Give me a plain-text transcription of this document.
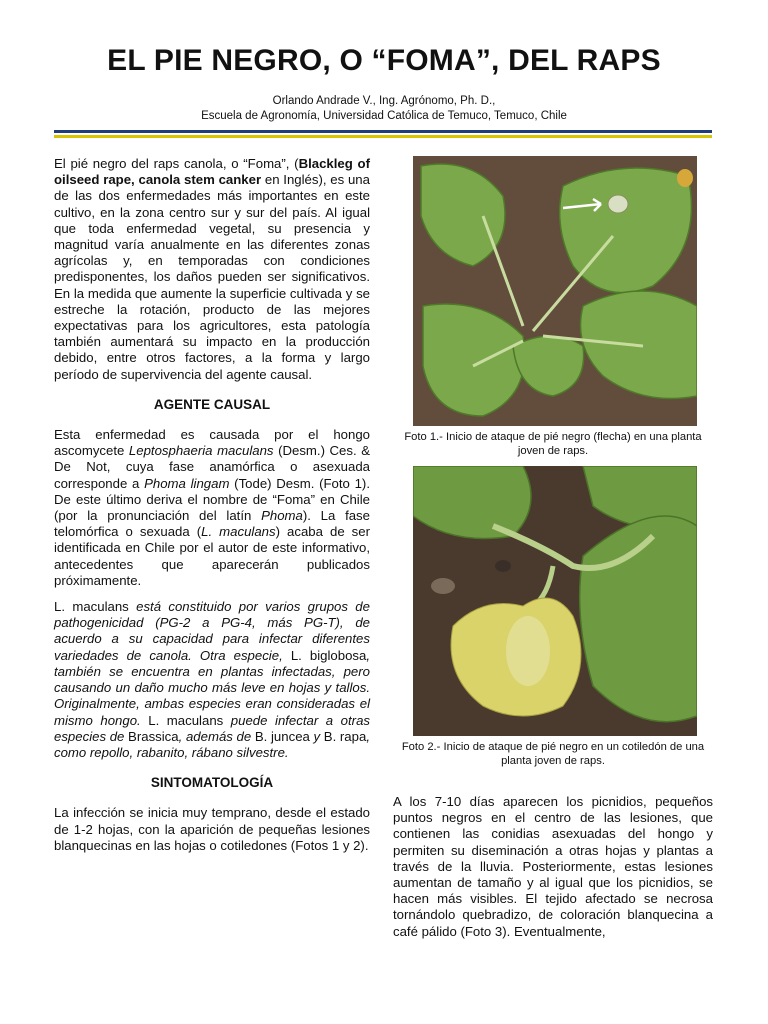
EL PIE NEGRO, O “FOMA”, DEL RAPS
Orlando Andrade V., Ing. Agrónomo, Ph. D.,
Escuela de Agronomía, Universidad Católica de Temuco, Temuco, Chile

El pié negro del raps canola, o “Foma”, (Blackleg of oilseed rape, canola stem canker en Inglés), es una de las dos enfermedades más importantes en este cultivo, en la zona centro sur y sur del país. Al igual que toda enfermedad vegetal, su presencia y magnitud varía anualmente en las diferentes zonas agrícolas y, en temporadas con condiciones predisponentes, los daños pueden ser significativos. En la medida que aumente la superficie cultivada y se estreche la rotación, producto de las mejores expectativas para los agricultores, esta patología también aumentará su impacto en la producción debido, entre otros factores, a la forma y largo período de supervivencia del agente causal.

AGENTE CAUSAL

Esta enfermedad es causada por el hongo ascomycete Leptosphaeria maculans (Desm.) Ces. & De Not, cuya fase anamórfica o asexuada corresponde a Phoma lingam (Tode) Desm. (Foto 1). De este último deriva el nombre de “Foma” en Chile (por la pronunciación del latín Phoma). La fase telomórfica o sexuada (L. maculans) acaba de ser identificada en Chile por el autor de este informativo, antecedentes que aparecerán publicados próximamente.

L. maculans está constituido por varios grupos de pathogenicidad (PG-2 a PG-4, más PG-T), de acuerdo a su capacidad para infectar diferentes variedades de canola. Otra especie, L. biglobosa, también se encuentra en plantas infectadas, pero causando un daño mucho más leve en hojas y tallos. Originalmente, ambas especies eran consideradas el mismo hongo. L. maculans puede infectar a otras especies de Brassica, además de B. juncea y B. rapa, como repollo, rabanito, rábano silvestre.

SINTOMATOLOGÍA

La infección se inicia muy temprano, desde el estado de 1-2 hojas, con la aparición de pequeñas lesiones blanquecinas en las hojas o cotiledones (Fotos 1 y 2).

Foto 1.- Inicio de ataque de pié negro (flecha) en una planta joven de raps.
Foto 2.- Inicio de ataque de pié negro en un cotiledón de una planta joven de raps.

A los 7-10 días aparecen los picnidios, pequeños puntos negros en el centro de las lesiones, que contienen las conidias asexuadas del hongo y permiten su diseminación a otras hojas y plantas a través de la lluvia. Posteriormente, estas lesiones aumentan de tamaño y al igual que los picnidios, se hacen más visibles. El tejido afectado se necrosa tornándolo quebradizo, de coloración blanquecina a café pálido (Foto 3). Eventualmente,
